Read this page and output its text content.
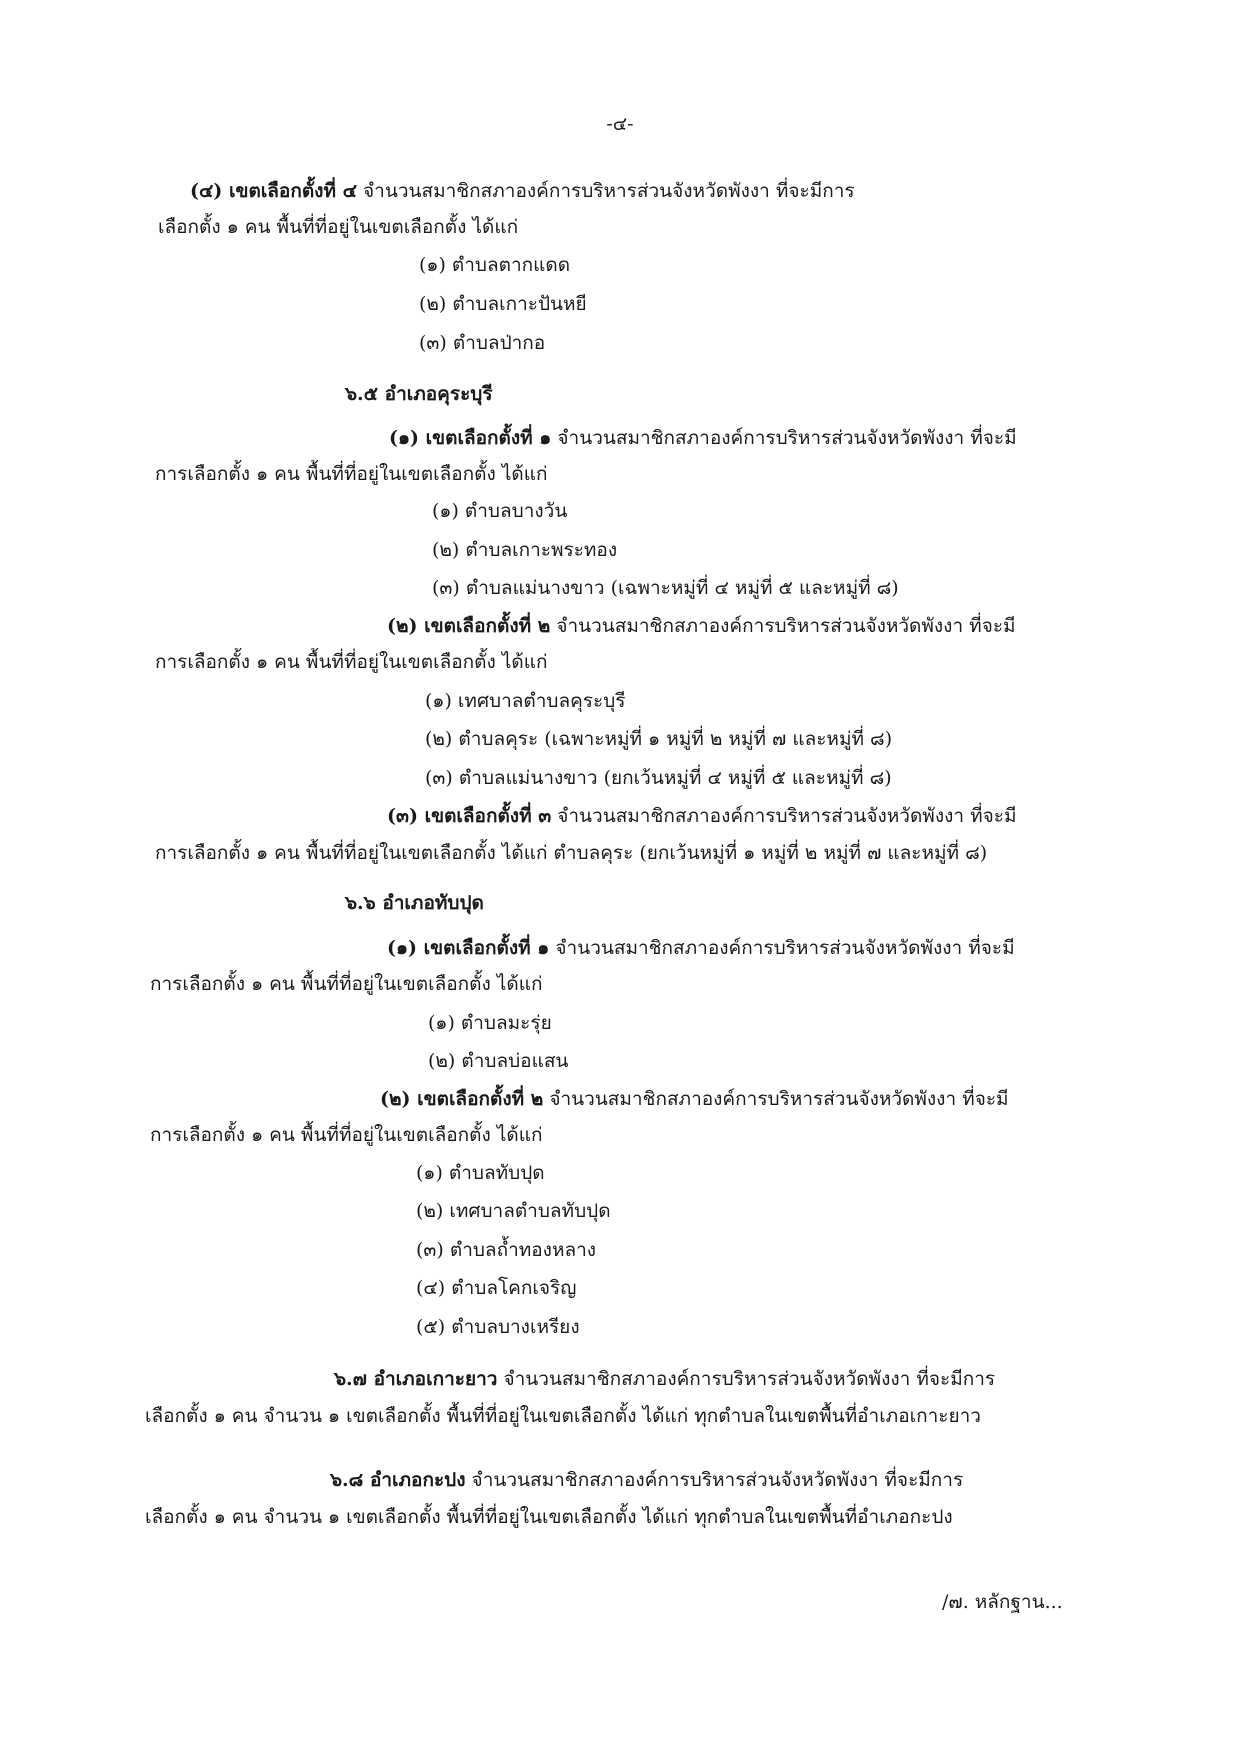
-๔-
(๔) เขตเลือกตั้งที่ ๔ จำนวนสมาชิกสภาองค์การบริหารส่วนจังหวัดพังงา ที่จะมีการ
เลือกตั้ง ๑ คน พื้นที่ที่อยู่ในเขตเลือกตั้ง ได้แก่
(๑) ตำบลตากแดด
(๒) ตำบลเกาะปันหยี
(๓) ตำบลป่ากอ
๖.๕ อำเภอคุระบุรี
(๑) เขตเลือกตั้งที่ ๑ จำนวนสมาชิกสภาองค์การบริหารส่วนจังหวัดพังงา ที่จะมี
การเลือกตั้ง ๑ คน พื้นที่ที่อยู่ในเขตเลือกตั้ง ได้แก่
(๑) ตำบลบางวัน
(๒) ตำบลเกาะพระทอง
(๓) ตำบลแม่นางขาว (เฉพาะหมู่ที่ ๔ หมู่ที่ ๕ และหมู่ที่ ๘)
(๒) เขตเลือกตั้งที่ ๒ จำนวนสมาชิกสภาองค์การบริหารส่วนจังหวัดพังงา ที่จะมี
การเลือกตั้ง ๑ คน พื้นที่ที่อยู่ในเขตเลือกตั้ง ได้แก่
(๑) เทศบาลตำบลคุระบุรี
(๒) ตำบลคุระ (เฉพาะหมู่ที่ ๑ หมู่ที่ ๒ หมู่ที่ ๗ และหมู่ที่ ๘)
(๓) ตำบลแม่นางขาว (ยกเว้นหมู่ที่ ๔ หมู่ที่ ๕ และหมู่ที่ ๘)
(๓) เขตเลือกตั้งที่ ๓ จำนวนสมาชิกสภาองค์การบริหารส่วนจังหวัดพังงา ที่จะมี
การเลือกตั้ง ๑ คน พื้นที่ที่อยู่ในเขตเลือกตั้ง ได้แก่ ตำบลคุระ (ยกเว้นหมู่ที่ ๑ หมู่ที่ ๒ หมู่ที่ ๗ และหมู่ที่ ๘)
๖.๖ อำเภอทับปุด
(๑) เขตเลือกตั้งที่ ๑ จำนวนสมาชิกสภาองค์การบริหารส่วนจังหวัดพังงา ที่จะมี
การเลือกตั้ง ๑ คน พื้นที่ที่อยู่ในเขตเลือกตั้ง ได้แก่
(๑) ตำบลมะรุ่ย
(๒) ตำบลบ่อแสน
(๒) เขตเลือกตั้งที่ ๒ จำนวนสมาชิกสภาองค์การบริหารส่วนจังหวัดพังงา ที่จะมี
การเลือกตั้ง ๑ คน พื้นที่ที่อยู่ในเขตเลือกตั้ง ได้แก่
(๑) ตำบลทับปุด
(๒) เทศบาลตำบลทับปุด
(๓) ตำบลถ้ำทองหลาง
(๔) ตำบลโคกเจริญ
(๕) ตำบลบางเหรียง
๖.๗ อำเภอเกาะยาว จำนวนสมาชิกสภาองค์การบริหารส่วนจังหวัดพังงา ที่จะมีการ
เลือกตั้ง ๑ คน จำนวน ๑ เขตเลือกตั้ง พื้นที่ที่อยู่ในเขตเลือกตั้ง ได้แก่ ทุกตำบลในเขตพื้นที่อำเภอเกาะยาว
๖.๘ อำเภอกะปง จำนวนสมาชิกสภาองค์การบริหารส่วนจังหวัดพังงา ที่จะมีการ
เลือกตั้ง ๑ คน จำนวน ๑ เขตเลือกตั้ง พื้นที่ที่อยู่ในเขตเลือกตั้ง ได้แก่ ทุกตำบลในเขตพื้นที่อำเภอกะปง
/๗. หลักฐาน...
